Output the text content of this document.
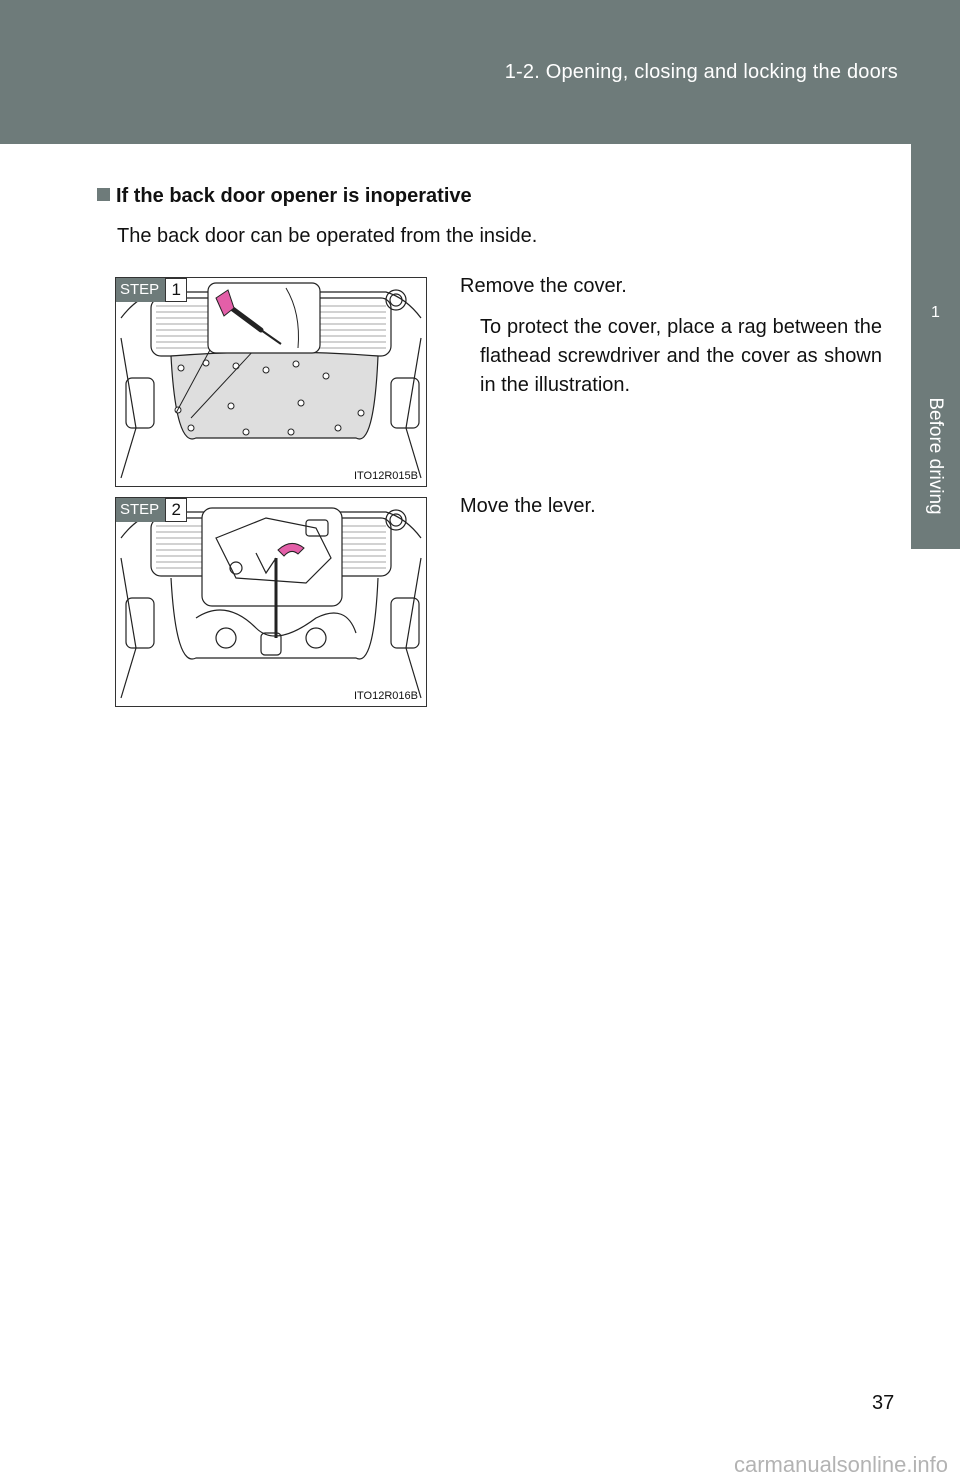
1-2. Opening, closing and locking the doors
1
Before driving
If the back door opener is inoperative
The back door can be operated from the inside.
STEP 1
ITO12R015B
Remove the cover.
To protect the cover, place a rag between the flathead screwdriver and the cover as shown in the illustration.
STEP 2
ITO12R016B
Move the lever.
37
carmanualsonline.info
